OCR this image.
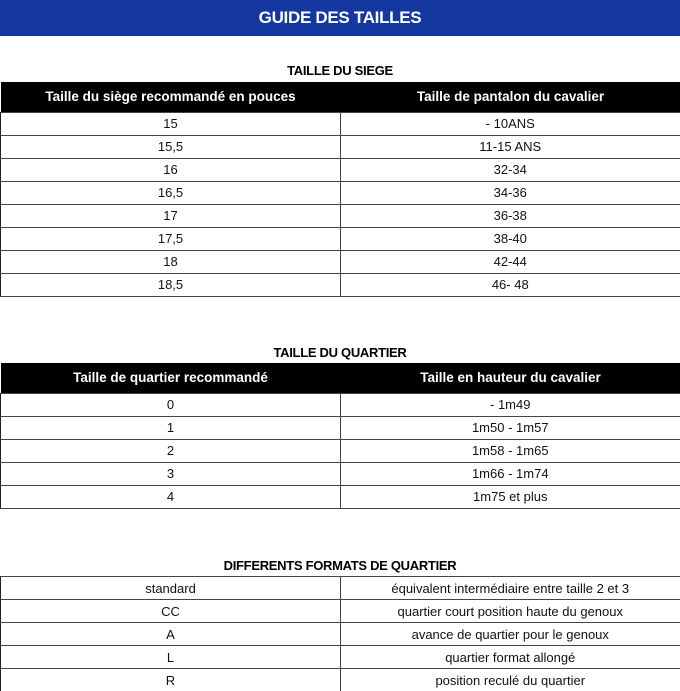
GUIDE DES TAILLES
TAILLE DU SIEGE
Taille du siège recommandé en pouces	Taille de pantalon du cavalier
15	- 10ANS
15,5	11-15 ANS
16	32-34
16,5	34-36
17	36-38
17,5	38-40
18	42-44
18,5	46- 48
TAILLE DU QUARTIER
Taille de quartier recommandé	Taille en hauteur du cavalier
0	- 1m49
1	1m50 - 1m57
2	1m58 - 1m65
3	1m66 - 1m74
4	1m75 et plus
DIFFERENTS FORMATS DE QUARTIER
standard	équivalent intermédiaire entre taille 2 et 3
CC	quartier court position haute du genoux
A	avance de quartier pour le genoux
L	quartier format allongé
R	position reculé du quartier
